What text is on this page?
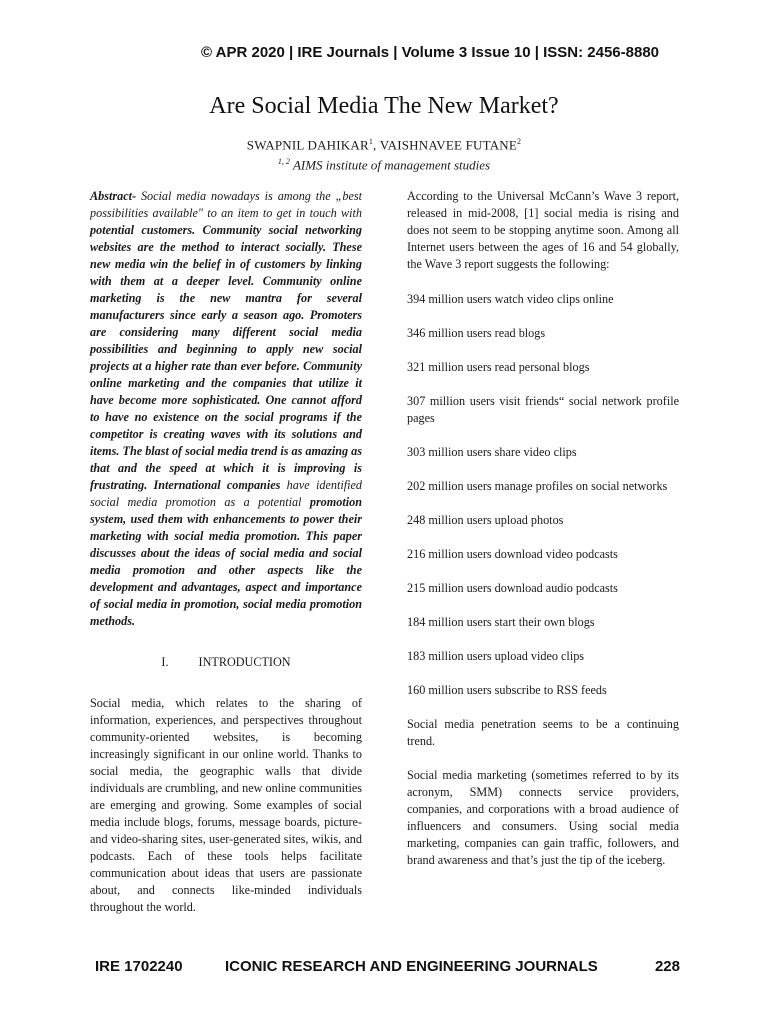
© APR 2020 | IRE Journals | Volume 3 Issue 10 | ISSN: 2456-8880
Are Social Media The New Market?
SWAPNIL DAHIKAR$^1$, VAISHNAVEE FUTANE$^2$
$^{1, 2}$ AIMS institute of management studies

Abstract- Social media nowadays is among the „best possibilities available" to an item to get in touch with potential customers. Community social networking websites are the method to interact socially. These new media win the belief in of customers by linking with them at a deeper level. Community online marketing is the new mantra for several manufacturers since early a season ago. Promoters are considering many different social media possibilities and beginning to apply new social projects at a higher rate than ever before. Community online marketing and the companies that utilize it have become more sophisticated. One cannot afford to have no existence on the social programs if the competitor is creating waves with its solutions and items. The blast of social media trend is as amazing as that and the speed at which it is improving is frustrating. International companies have identified social media promotion as a potential promotion system, used them with enhancements to power their marketing with social media promotion. This paper discusses about the ideas of social media and social media promotion and other aspects like the development and advantages, aspect and importance of social media in promotion, social media promotion methods.

I. INTRODUCTION

Social media, which relates to the sharing of information, experiences, and perspectives throughout community-oriented websites, is becoming increasingly significant in our online world. Thanks to social media, the geographic walls that divide individuals are crumbling, and new online communities are emerging and growing. Some examples of social media include blogs, forums, message boards, picture- and video-sharing sites, user-generated sites, wikis, and podcasts. Each of these tools helps facilitate communication about ideas that users are passionate about, and connects like-minded individuals throughout the world.

According to the Universal McCann’s Wave 3 report, released in mid-2008, [1] social media is rising and does not seem to be stopping anytime soon. Among all Internet users between the ages of 16 and 54 globally, the Wave 3 report suggests the following:

394 million users watch video clips online

346 million users read blogs

321 million users read personal blogs

307 million users visit friends“ social network profile pages

303 million users share video clips

202 million users manage profiles on social networks

248 million users upload photos

216 million users download video podcasts

215 million users download audio podcasts

184 million users start their own blogs

183 million users upload video clips

160 million users subscribe to RSS feeds

Social media penetration seems to be a continuing trend.

Social media marketing (sometimes referred to by its acronym, SMM) connects service providers, companies, and corporations with a broad audience of influencers and consumers. Using social media marketing, companies can gain traffic, followers, and brand awareness and that’s just the tip of the iceberg.

IRE 1702240	ICONIC RESEARCH AND ENGINEERING JOURNALS	228
